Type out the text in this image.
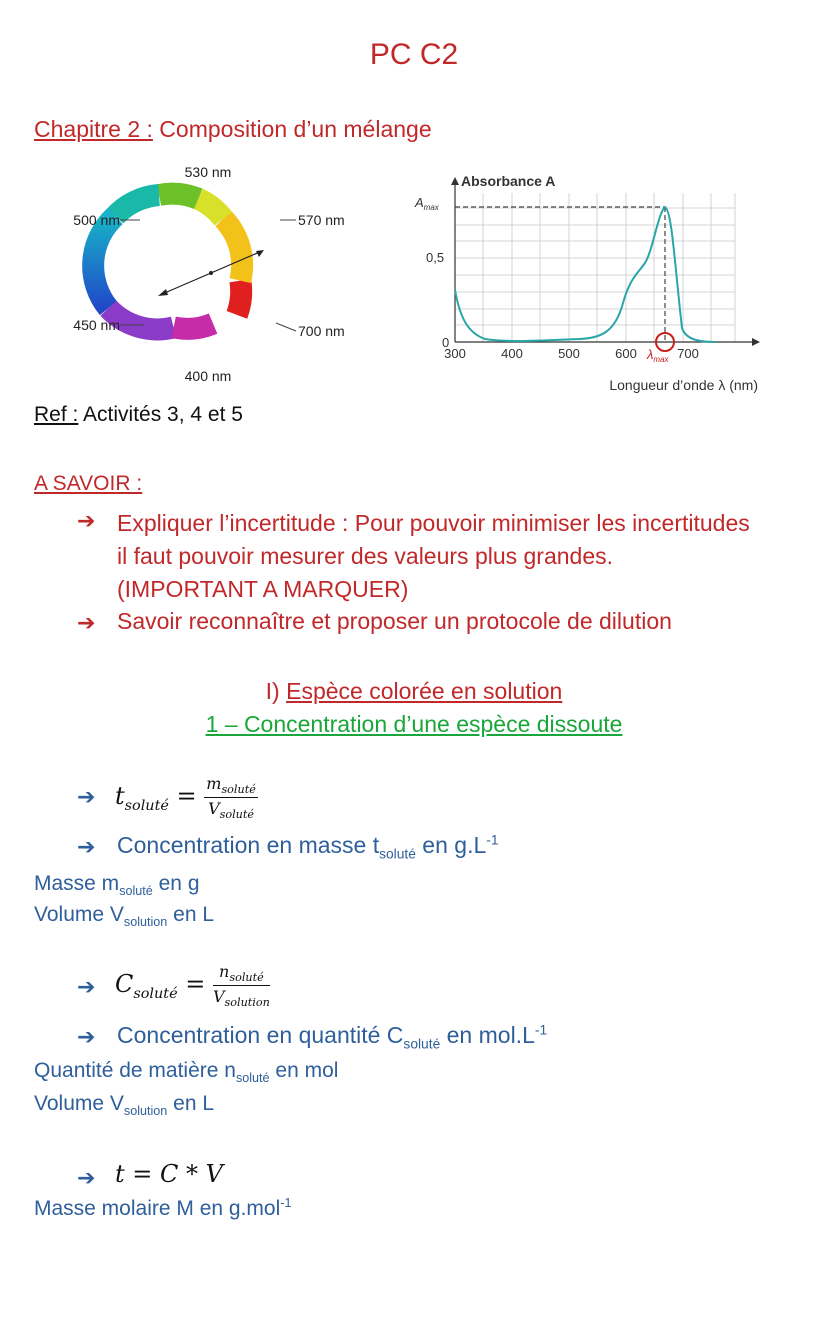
PC C2
Chapitre 2 : Composition d’un mélange
530 nm
500 nm	570 nm
450 nm	700 nm
400 nm
Absorbance A
$A_{max}$
0,5
0
300	400	500	600	700
$\lambda_{max}$
Longueur d’onde λ (nm)
Ref : Activités 3, 4 et 5
A SAVOIR :
➔ Expliquer l’incertitude : Pour pouvoir minimiser les incertitudes il faut pouvoir mesurer des valeurs plus grandes. (IMPORTANT A MARQUER)
➔ Savoir reconnaître et proposer un protocole de dilution
I) Espèce colorée en solution
1 – Concentration d’une espèce dissoute
➔ $t_{soluté} = \frac{m_{soluté}}{V_{soluté}}$
➔ Concentration en masse $t_{soluté}$ en $g.L^{-1}$
Masse $m_{soluté}$ en g
Volume $V_{solution}$ en L
➔ $C_{soluté} = \frac{n_{soluté}}{V_{solution}}$
➔ Concentration en quantité $C_{soluté}$ en $mol.L^{-1}$
Quantité de matière $n_{soluté}$ en mol
Volume $V_{solution}$ en L
➔ t = C * V
Masse molaire M en g.mol$^{-1}$
